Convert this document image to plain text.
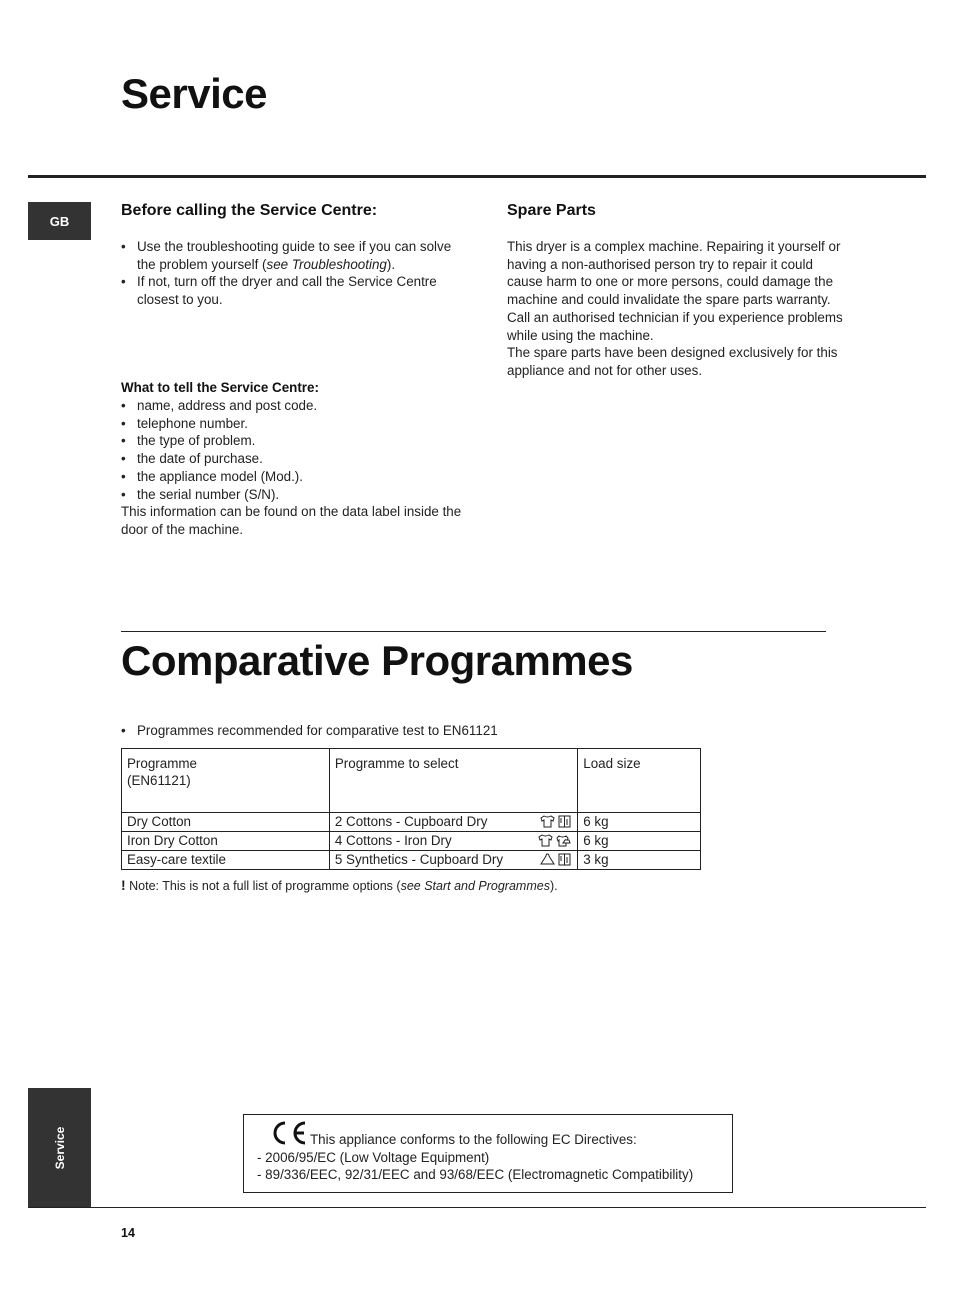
Service
GB
Before calling the Service Centre:
• Use the troubleshooting guide to see if you can solve the problem yourself (see Troubleshooting).
• If not, turn off the dryer and call the Service Centre closest to you.
What to tell the Service Centre:
• name, address and post code.
• telephone number.
• the type of problem.
• the date of purchase.
• the appliance model (Mod.).
• the serial number (S/N).
This information can be found on the data label inside the door of the machine.
Spare Parts
This dryer is a complex machine. Repairing it yourself or having a non-authorised person try to repair it could cause harm to one or more persons, could damage the machine and could invalidate the spare parts warranty.
Call an authorised technician if you experience problems while using the machine.
The spare parts have been designed exclusively for this appliance and not for other uses.
Comparative Programmes
• Programmes recommended for comparative test to EN61121
Programme (EN61121)	Programme to select	Load size
Dry Cotton	2 Cottons - Cupboard Dry	6 kg
Iron Dry Cotton	4 Cottons - Iron Dry	6 kg
Easy-care textile	5 Synthetics - Cupboard Dry	3 kg
! Note: This is not a full list of programme options (see Start and Programmes).
This appliance conforms to the following EC Directives:
- 2006/95/EC (Low Voltage Equipment)
- 89/336/EEC, 92/31/EEC and 93/68/EEC (Electromagnetic Compatibility)
Service
14
